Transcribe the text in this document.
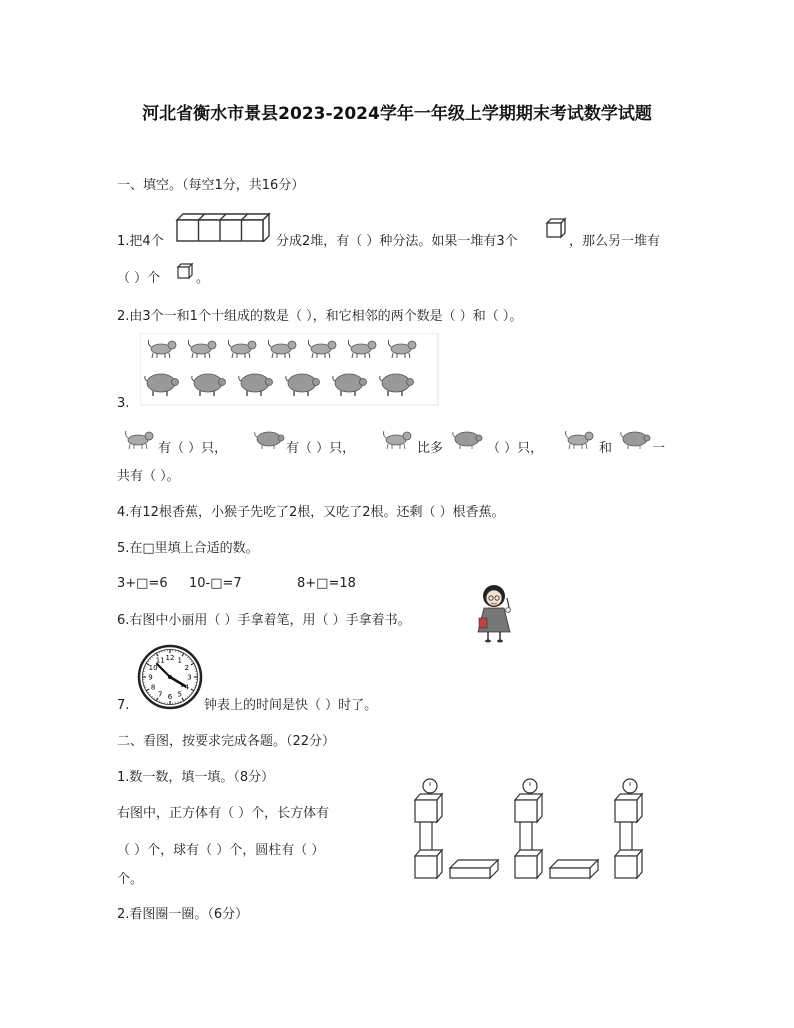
河北省衡水市景县2023-2024学年一年级上学期期末考试数学试题
一、填空。（每空1分，共16分）
1.把4个	分成2堆，有（ ）种分法。如果一堆有3个	，那么另一堆有
（ ）个	。
2.由3个一和1个十组成的数是（ ），和它相邻的两个数是（ ）和（ ）。
3.
有（ ）只，	有（ ）只，	比多	（ ）只，	和	一
共有（ ）。
4.有12根香蕉，小猴子先吃了2根，又吃了2根。还剩（ ）根香蕉。
5.在□里填上合适的数。
3+□=6 10-□=7	8+□=18
6.右图中小丽用（ ）手拿着笔，用（ ）手拿着书。
12 1
2
3
4
5
6
7
8
9
10
11
7.	钟表上的时间是快（ ）时了。
二、看图，按要求完成各题。（22分）
1.数一数，填一填。（8分）
右图中，正方体有（ ）个，长方体有
（ ）个，球有（ ）个，圆柱有（ ）
个。
2.看图圈一圈。（6分）
